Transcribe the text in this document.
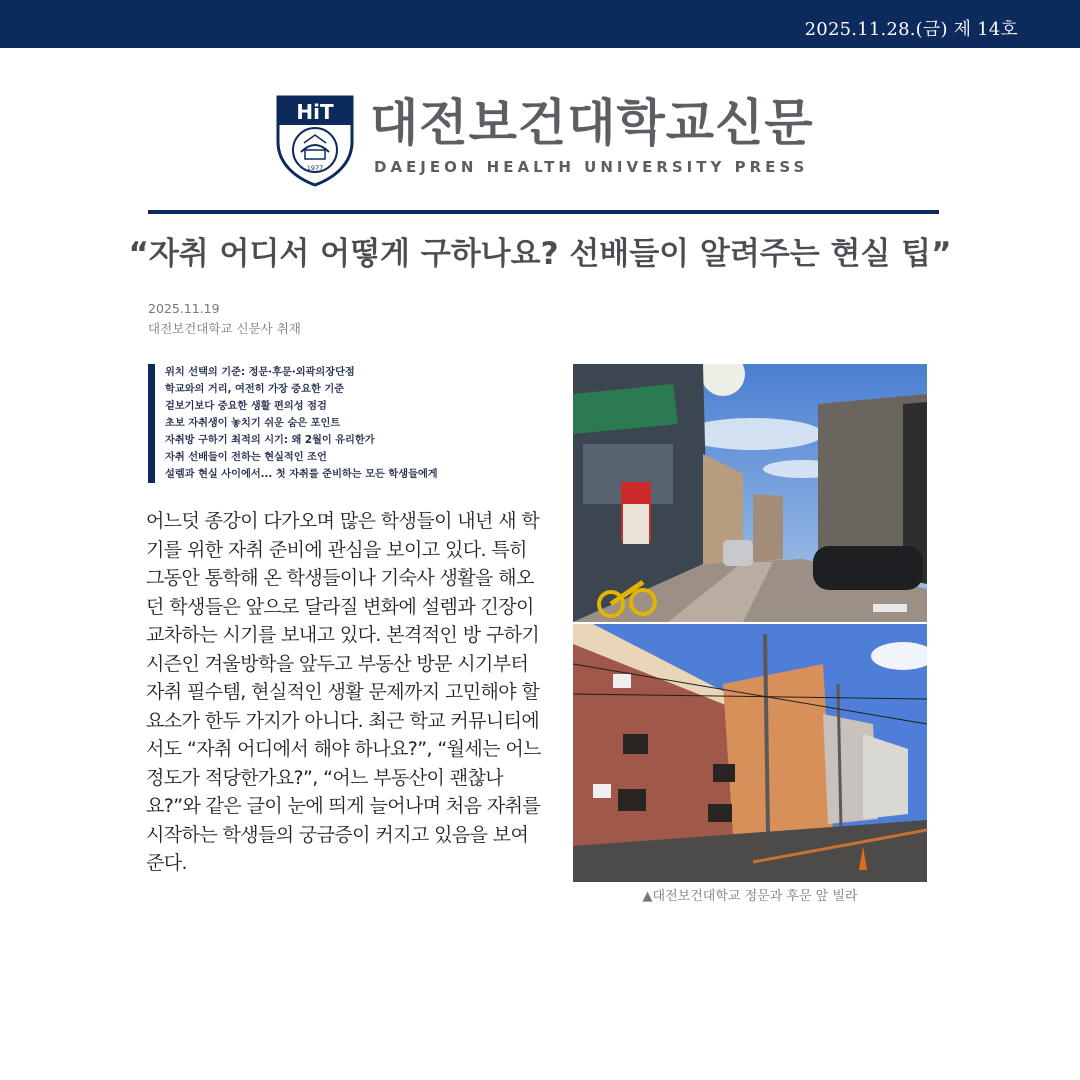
2025.11.28.(금) 제 14호
HiT
1977
대전보건대학교신문
DAEJEON HEALTH UNIVERSITY PRESS
“자취 어디서 어떻게 구하나요? 선배들이 알려주는 현실 팁”
2025.11.19
대전보건대학교 신문사 취재
위치 선택의 기준: 정문·후문·외곽의장단점
학교와의 거리, 여전히 가장 중요한 기준
겉보기보다 중요한 생활 편의성 점검
초보 자취생이 놓치기 쉬운 숨은 포인트
자취방 구하기 최적의 시기: 왜 2월이 유리한가
자취 선배들이 전하는 현실적인 조언
설렘과 현실 사이에서... 첫 자취를 준비하는 모든 학생들에게

어느덧 종강이 다가오며 많은 학생들이 내년 새 학기를 위한 자취 준비에 관심을 보이고 있다. 특히 그동안 통학해 온 학생들이나 기숙사 생활을 해오던 학생들은 앞으로 달라질 변화에 설렘과 긴장이 교차하는 시기를 보내고 있다. 본격적인 방 구하기 시즌인 겨울방학을 앞두고 부동산 방문 시기부터 자취 필수템, 현실적인 생활 문제까지 고민해야 할 요소가 한두 가지가 아니다. 최근 학교 커뮤니티에서도 “자취 어디에서 해야 하나요?”, “월세는 어느 정도가 적당한가요?”, “어느 부동산이 괜찮나요?”와 같은 글이 눈에 띄게 늘어나며 처음 자취를 시작하는 학생들의 궁금증이 커지고 있음을 보여준다.

▲대전보건대학교 정문과 후문 앞 빌라
